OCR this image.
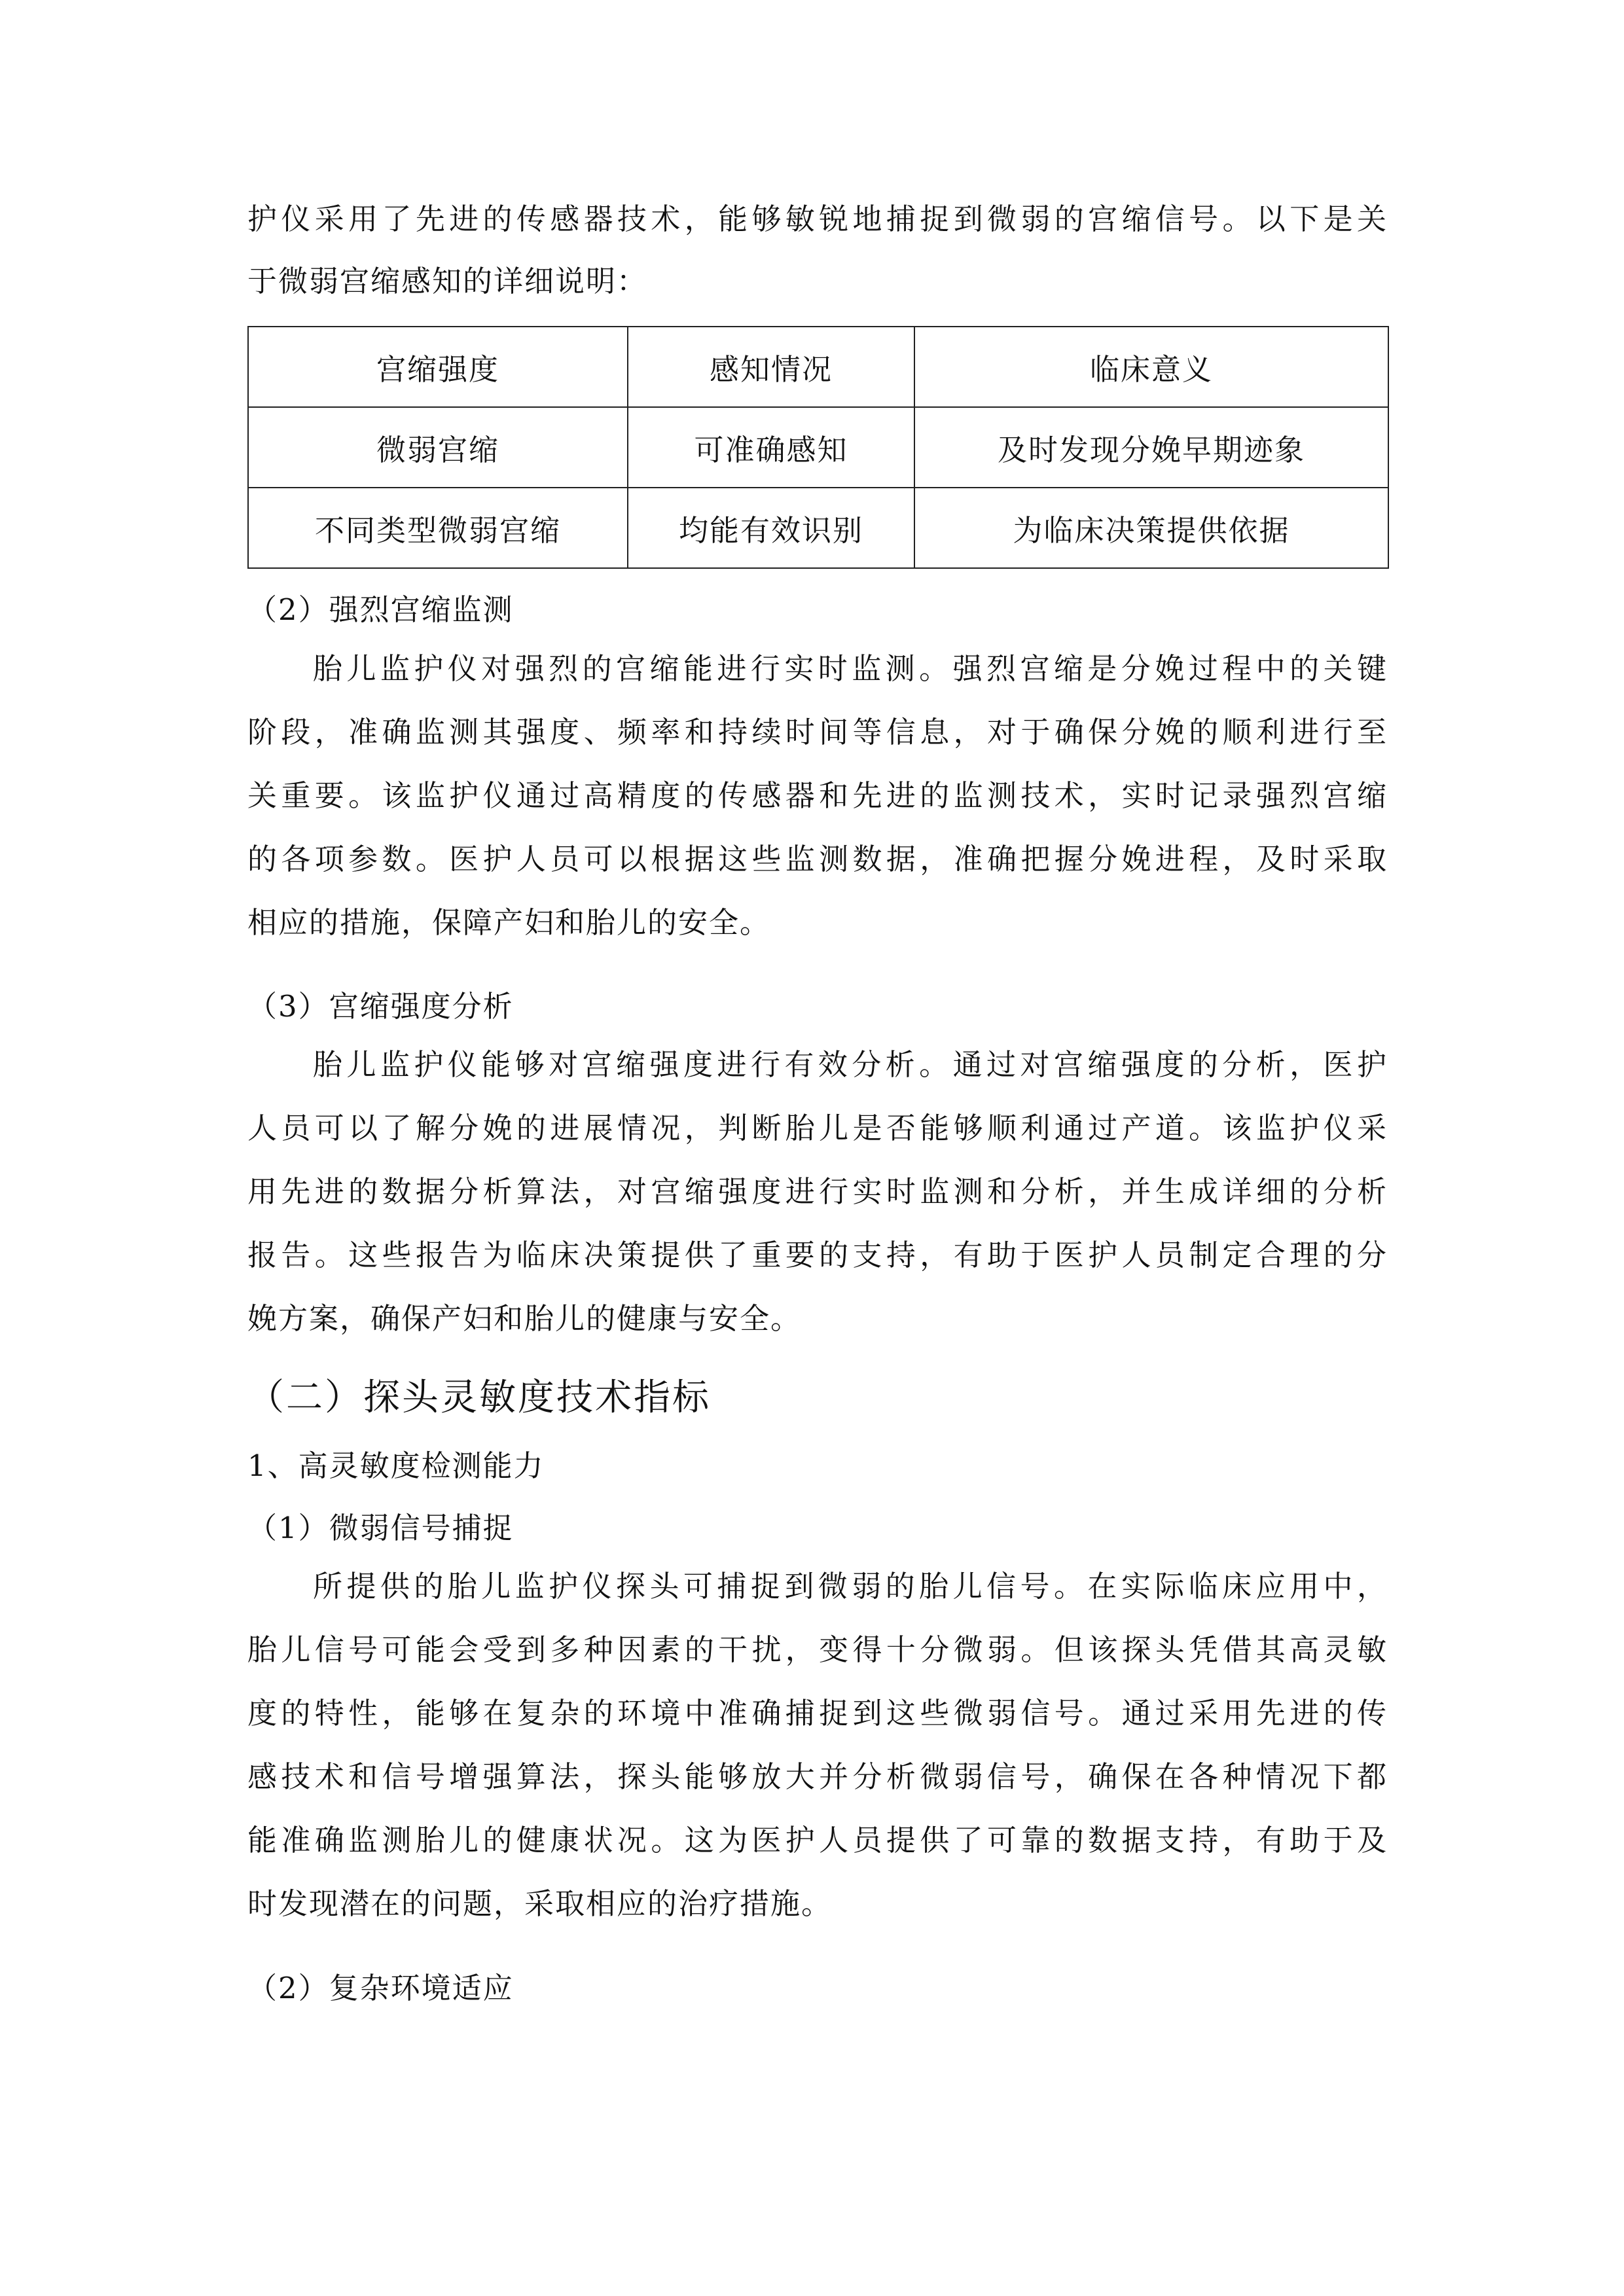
护仪采用了先进的传感器技术，能够敏锐地捕捉到微弱的宫缩信号。以下是关
于微弱宫缩感知的详细说明：
宫缩强度	感知情况	临床意义
微弱宫缩	可准确感知	及时发现分娩早期迹象
不同类型微弱宫缩	均能有效识别	为临床决策提供依据
（2）强烈宫缩监测
胎儿监护仪对强烈的宫缩能进行实时监测。强烈宫缩是分娩过程中的关键
阶段，准确监测其强度、频率和持续时间等信息，对于确保分娩的顺利进行至
关重要。该监护仪通过高精度的传感器和先进的监测技术，实时记录强烈宫缩
的各项参数。医护人员可以根据这些监测数据，准确把握分娩进程，及时采取
相应的措施，保障产妇和胎儿的安全。
（3）宫缩强度分析
胎儿监护仪能够对宫缩强度进行有效分析。通过对宫缩强度的分析，医护
人员可以了解分娩的进展情况，判断胎儿是否能够顺利通过产道。该监护仪采
用先进的数据分析算法，对宫缩强度进行实时监测和分析，并生成详细的分析
报告。这些报告为临床决策提供了重要的支持，有助于医护人员制定合理的分
娩方案，确保产妇和胎儿的健康与安全。
（二）探头灵敏度技术指标
1、高灵敏度检测能力
（1）微弱信号捕捉
所提供的胎儿监护仪探头可捕捉到微弱的胎儿信号。在实际临床应用中，
胎儿信号可能会受到多种因素的干扰，变得十分微弱。但该探头凭借其高灵敏
度的特性，能够在复杂的环境中准确捕捉到这些微弱信号。通过采用先进的传
感技术和信号增强算法，探头能够放大并分析微弱信号，确保在各种情况下都
能准确监测胎儿的健康状况。这为医护人员提供了可靠的数据支持，有助于及
时发现潜在的问题，采取相应的治疗措施。
（2）复杂环境适应
